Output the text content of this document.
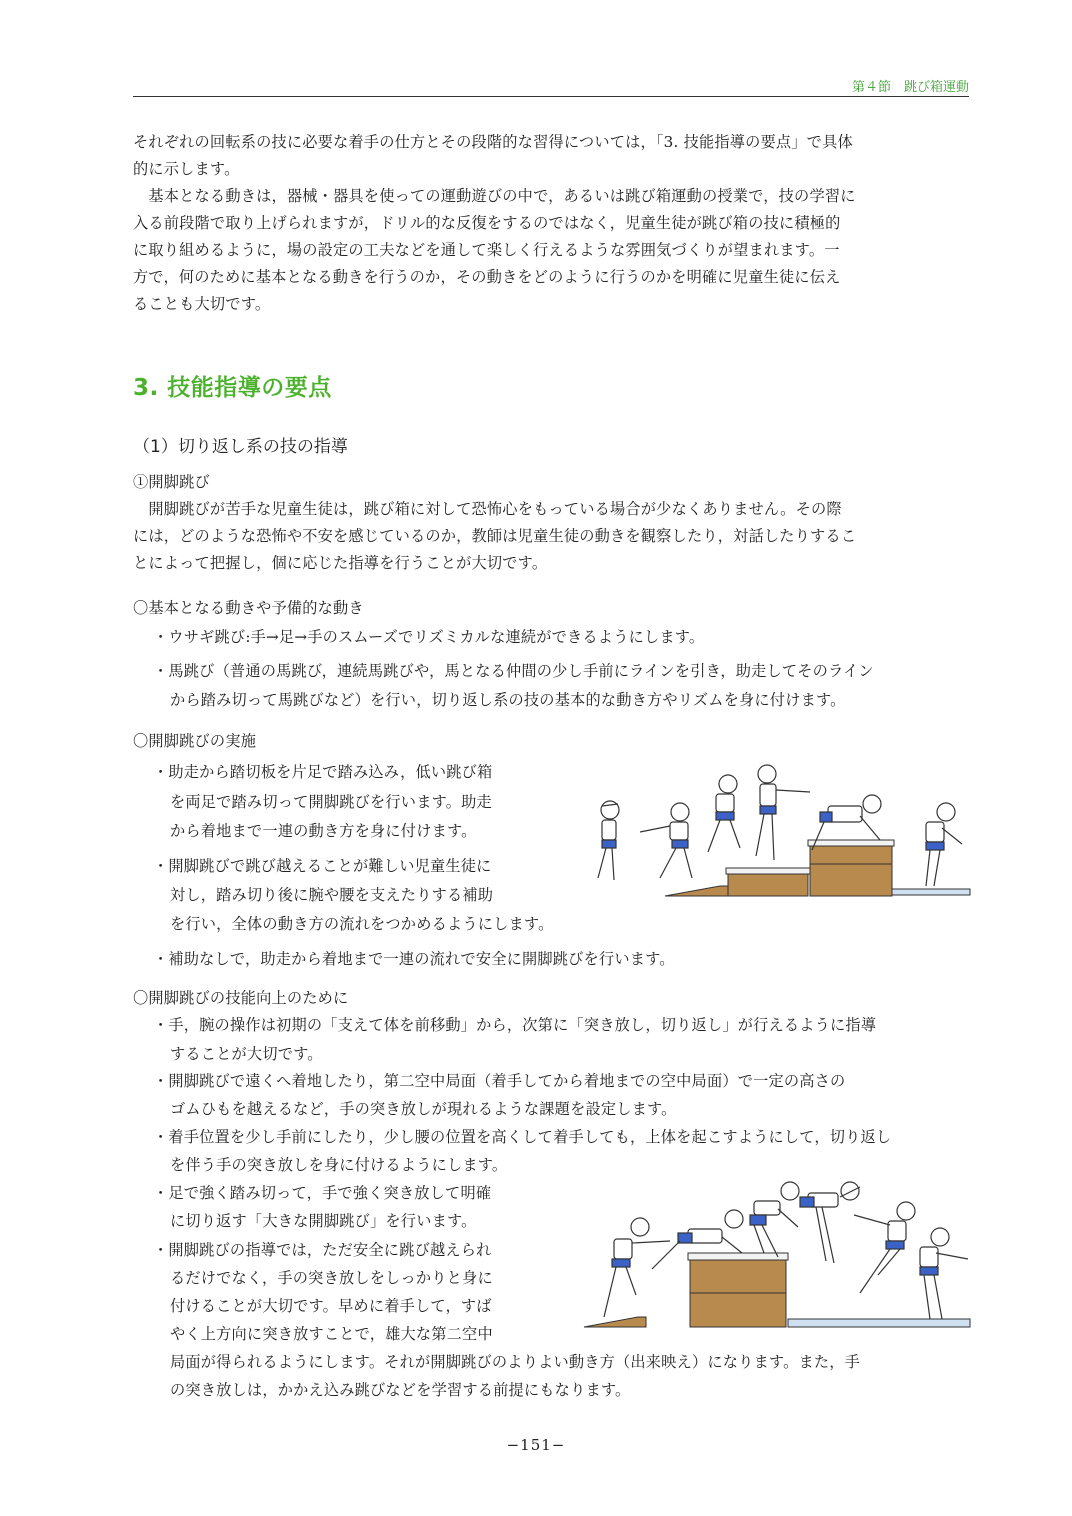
第４節　跳び箱運動
それぞれの回転系の技に必要な着手の仕方とその段階的な習得については，「3. 技能指導の要点」で具体
的に示します。
　基本となる動きは，器械・器具を使っての運動遊びの中で，あるいは跳び箱運動の授業で，技の学習に
入る前段階で取り上げられますが，ドリル的な反復をするのではなく，児童生徒が跳び箱の技に積極的
に取り組めるように，場の設定の工夫などを通して楽しく行えるような雰囲気づくりが望まれます。一
方で，何のために基本となる動きを行うのか，その動きをどのように行うのかを明確に児童生徒に伝え
ることも大切です。
3. 技能指導の要点
（1）切り返し系の技の指導
①開脚跳び
　開脚跳びが苦手な児童生徒は，跳び箱に対して恐怖心をもっている場合が少なくありません。その際
には，どのような恐怖や不安を感じているのか，教師は児童生徒の動きを観察したり，対話したりするこ
とによって把握し，個に応じた指導を行うことが大切です。
〇基本となる動きや予備的な動き
・ウサギ跳び:手→足→手のスムーズでリズミカルな連続ができるようにします。
・馬跳び（普通の馬跳び，連続馬跳びや，馬となる仲間の少し手前にラインを引き，助走してそのライン
から踏み切って馬跳びなど）を行い，切り返し系の技の基本的な動き方やリズムを身に付けます。
〇開脚跳びの実施
・助走から踏切板を片足で踏み込み，低い跳び箱
を両足で踏み切って開脚跳びを行います。助走
から着地まで一連の動き方を身に付けます。
・開脚跳びで跳び越えることが難しい児童生徒に
対し，踏み切り後に腕や腰を支えたりする補助
を行い，全体の動き方の流れをつかめるようにします。
・補助なしで，助走から着地まで一連の流れで安全に開脚跳びを行います。
〇開脚跳びの技能向上のために
・手，腕の操作は初期の「支えて体を前移動」から，次第に「突き放し，切り返し」が行えるように指導
することが大切です。
・開脚跳びで遠くへ着地したり，第二空中局面（着手してから着地までの空中局面）で一定の高さの
ゴムひもを越えるなど，手の突き放しが現れるような課題を設定します。
・着手位置を少し手前にしたり，少し腰の位置を高くして着手しても，上体を起こすようにして，切り返し
を伴う手の突き放しを身に付けるようにします。
・足で強く踏み切って，手で強く突き放して明確
に切り返す「大きな開脚跳び」を行います。
・開脚跳びの指導では，ただ安全に跳び越えられ
るだけでなく，手の突き放しをしっかりと身に
付けることが大切です。早めに着手して，すば
やく上方向に突き放すことで，雄大な第二空中
局面が得られるようにします。それが開脚跳びのよりよい動き方（出来映え）になります。また，手
の突き放しは，かかえ込み跳びなどを学習する前提にもなります。
−151−
